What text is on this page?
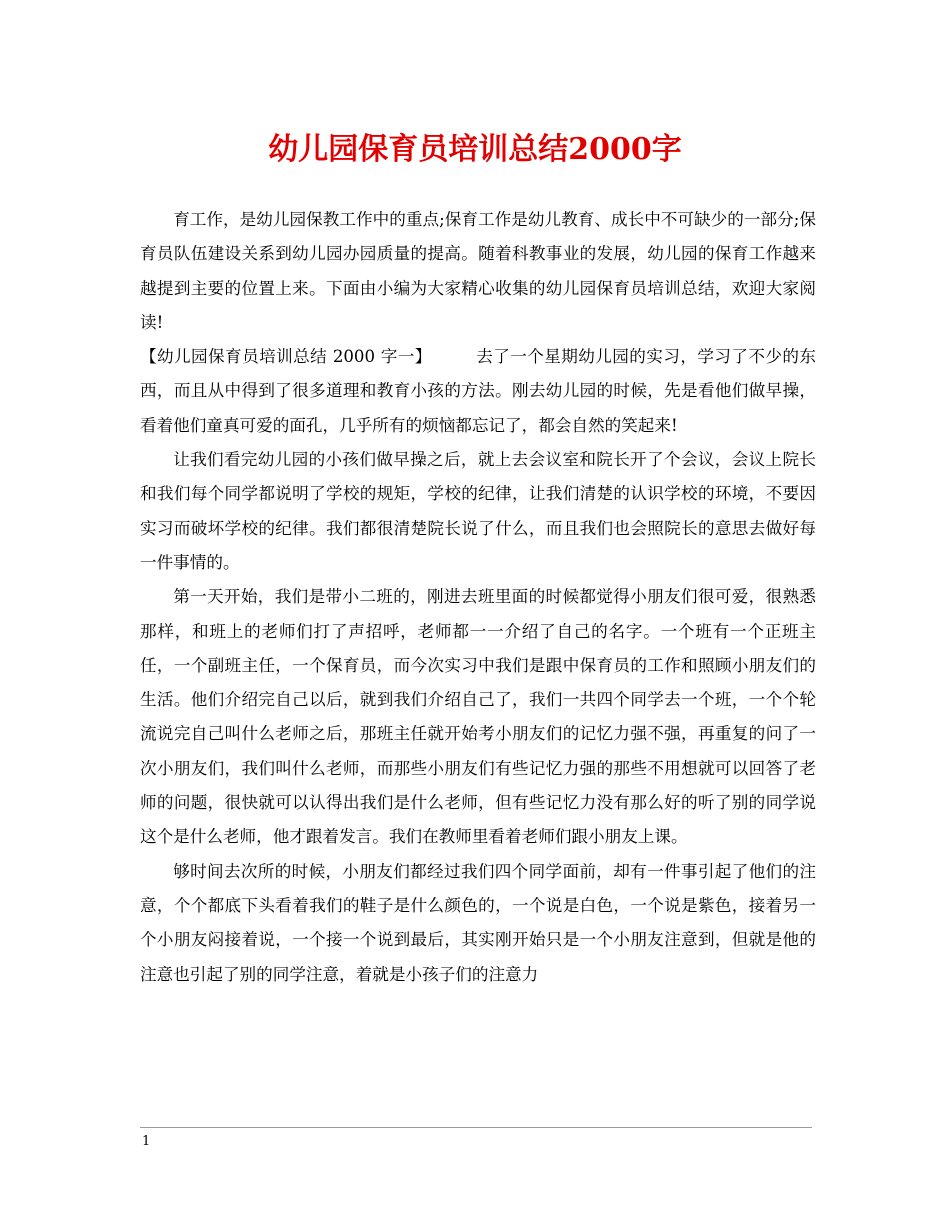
幼儿园保育员培训总结2000字

育工作，是幼儿园保教工作中的重点;保育工作是幼儿教育、成长中不可缺少的一部分;保育员队伍建设关系到幼儿园办园质量的提高。随着科教事业的发展，幼儿园的保育工作越来越提到主要的位置上来。下面由小编为大家精心收集的幼儿园保育员培训总结，欢迎大家阅读!

【幼儿园保育员培训总结 2000 字一】	去了一个星期幼儿园的实习，学习了不少的东西，而且从中得到了很多道理和教育小孩的方法。刚去幼儿园的时候，先是看他们做早操，看着他们童真可爱的面孔，几乎所有的烦恼都忘记了，都会自然的笑起来!

让我们看完幼儿园的小孩们做早操之后，就上去会议室和院长开了个会议，会议上院长和我们每个同学都说明了学校的规矩，学校的纪律，让我们清楚的认识学校的环境，不要因实习而破坏学校的纪律。我们都很清楚院长说了什么，而且我们也会照院长的意思去做好每一件事情的。

第一天开始，我们是带小二班的，刚进去班里面的时候都觉得小朋友们很可爱，很熟悉那样，和班上的老师们打了声招呼，老师都一一介绍了自己的名字。一个班有一个正班主任，一个副班主任，一个保育员，而今次实习中我们是跟中保育员的工作和照顾小朋友们的生活。他们介绍完自己以后，就到我们介绍自己了，我们一共四个同学去一个班，一个个轮流说完自己叫什么老师之后，那班主任就开始考小朋友们的记忆力强不强，再重复的问了一次小朋友们，我们叫什么老师，而那些小朋友们有些记忆力强的那些不用想就可以回答了老师的问题，很快就可以认得出我们是什么老师，但有些记忆力没有那么好的听了别的同学说这个是什么老师，他才跟着发言。我们在教师里看着老师们跟小朋友上课。

够时间去次所的时候，小朋友们都经过我们四个同学面前，却有一件事引起了他们的注意，个个都底下头看着我们的鞋子是什么颜色的，一个说是白色，一个说是紫色，接着另一个小朋友闷接着说，一个接一个说到最后，其实刚开始只是一个小朋友注意到，但就是他的注意也引起了别的同学注意，着就是小孩子们的注意力

1
